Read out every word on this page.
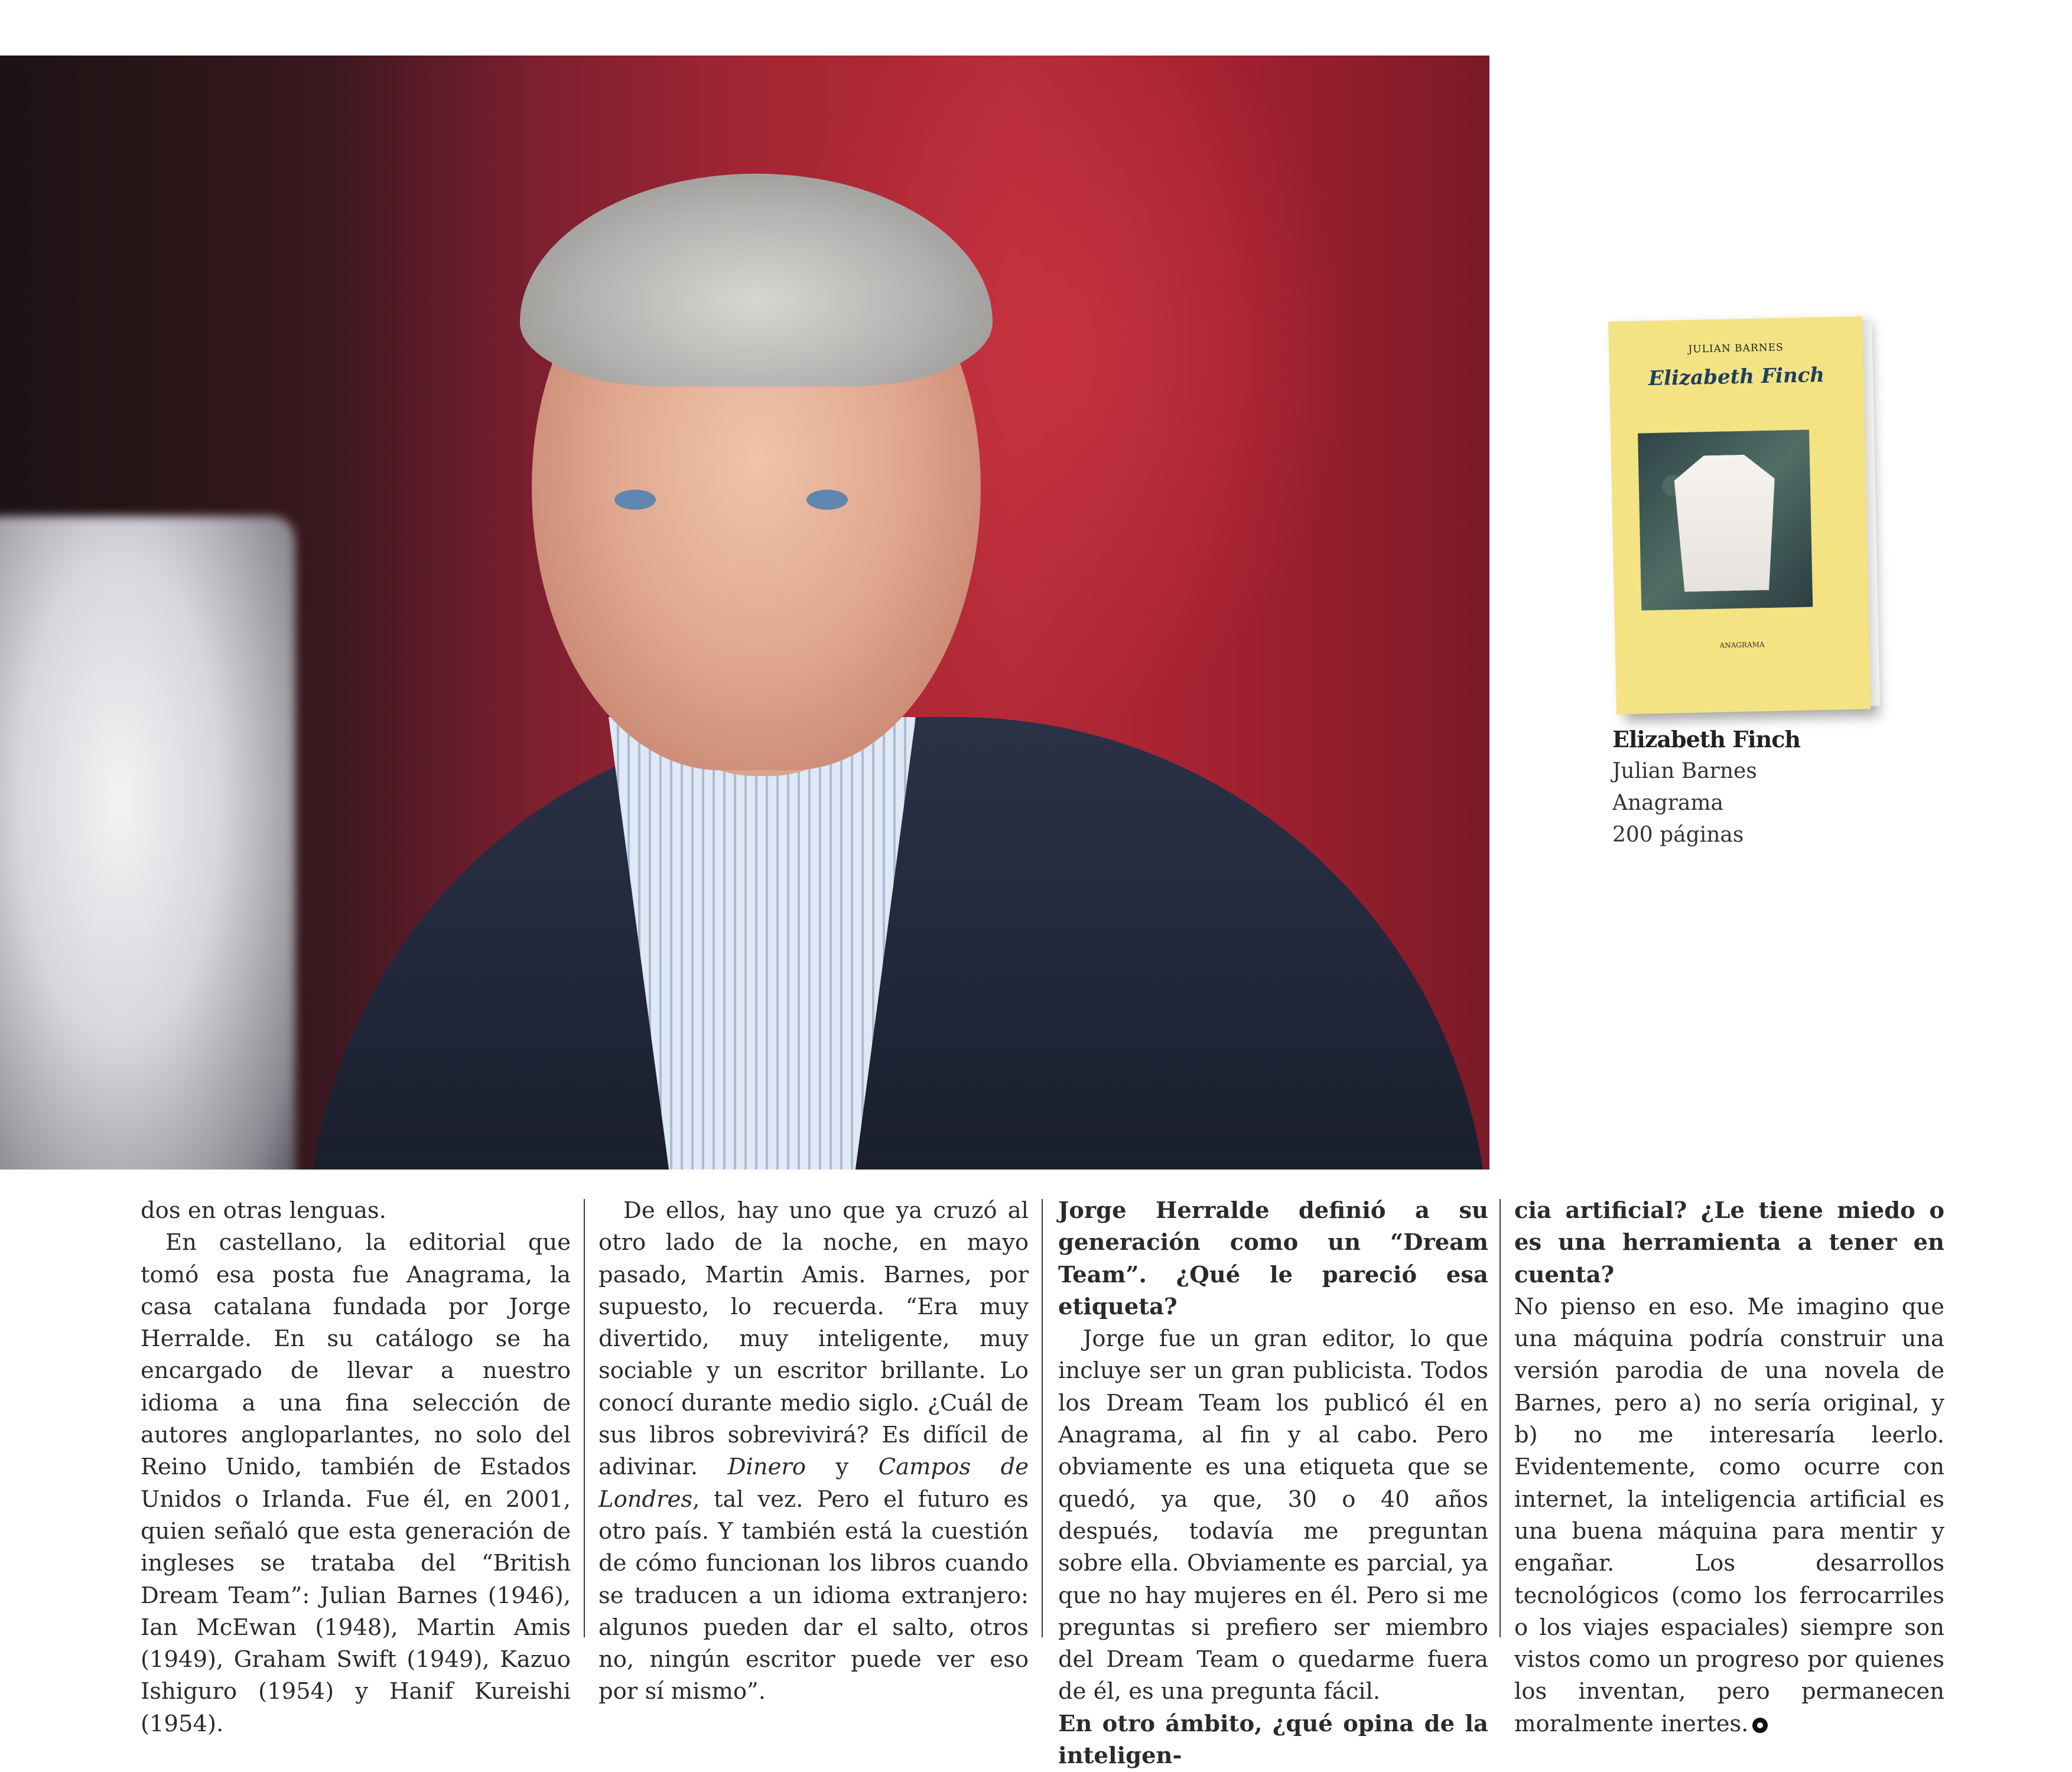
JULIAN BARNES
Elizabeth Finch
ANAGRAMA
Elizabeth Finch
Julian Barnes
Anagrama
200 páginas

dos en otras lenguas.

En castellano, la editorial que tomó esa posta fue Anagrama, la casa catalana fundada por Jorge Herralde. En su catálogo se ha encargado de llevar a nuestro idioma a una fina selección de autores angloparlantes, no solo del Reino Unido, también de Estados Unidos o Irlanda. Fue él, en 2001, quien señaló que esta generación de ingleses se trataba del “British Dream Team”: Julian Barnes (1946), Ian McEwan (1948), Martin Amis (1949), Graham Swift (1949), Kazuo Ishiguro (1954) y Hanif Kureishi (1954).

De ellos, hay uno que ya cruzó al otro lado de la noche, en mayo pasado, Martin Amis. Barnes, por supuesto, lo recuerda. “Era muy divertido, muy inteligente, muy sociable y un escritor brillante. Lo conocí durante medio siglo. ¿Cuál de sus libros sobrevivirá? Es difícil de adivinar. Dinero y Campos de Londres, tal vez. Pero el futuro es otro país. Y también está la cuestión de cómo funcionan los libros cuando se traducen a un idioma extranjero: algunos pueden dar el salto, otros no, ningún escritor puede ver eso por sí mismo”.

Jorge Herralde definió a su generación como un “Dream Team”. ¿Qué le pareció esa etiqueta?

Jorge fue un gran editor, lo que incluye ser un gran publicista. Todos los Dream Team los publicó él en Anagrama, al fin y al cabo. Pero obviamente es una etiqueta que se quedó, ya que, 30 o 40 años después, todavía me preguntan sobre ella. Obviamente es parcial, ya que no hay mujeres en él. Pero si me preguntas si prefiero ser miembro del Dream Team o quedarme fuera de él, es una pregunta fácil.

En otro ámbito, ¿qué opina de la inteligen-

cia artificial? ¿Le tiene miedo o es una herramienta a tener en cuenta?

No pienso en eso. Me imagino que una máquina podría construir una versión parodia de una novela de Barnes, pero a) no sería original, y b) no me interesaría leerlo. Evidentemente, como ocurre con internet, la inteligencia artificial es una buena máquina para mentir y engañar. Los desarrollos tecnológicos (como los ferrocarriles o los viajes espaciales) siempre son vistos como un progreso por quienes los inventan, pero permanecen moralmente inertes.
